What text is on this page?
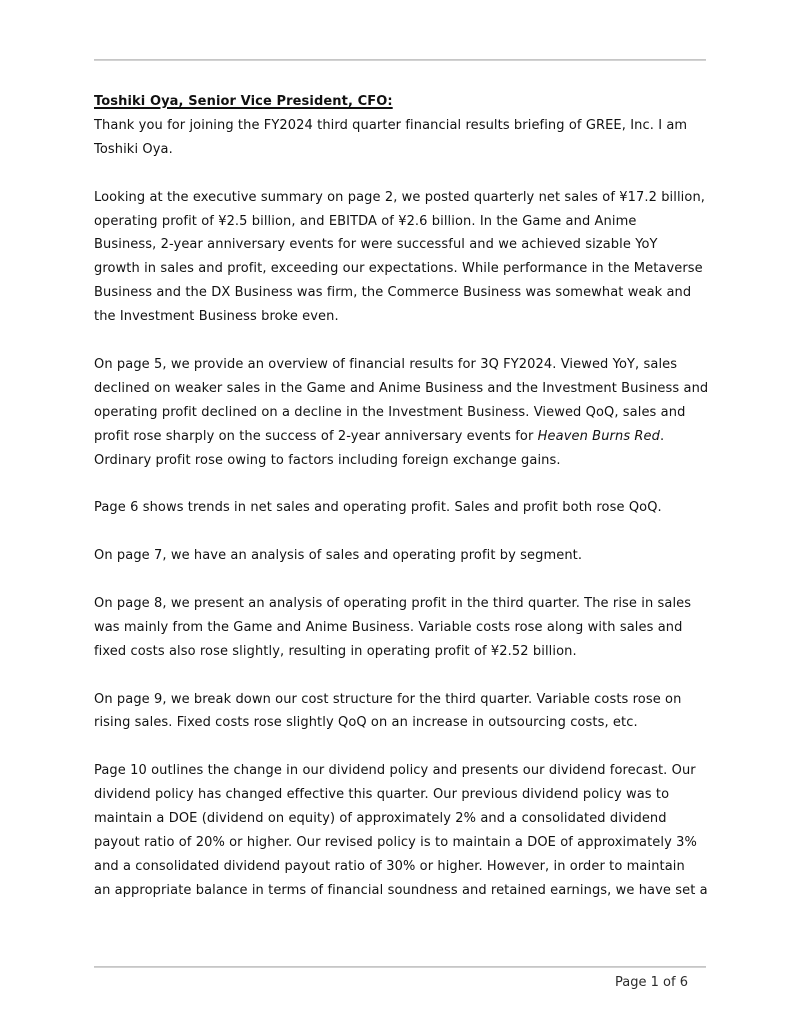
Toshiki Oya, Senior Vice President, CFO:
Thank you for joining the FY2024 third quarter financial results briefing of GREE, Inc. I am
Toshiki Oya.
Looking at the executive summary on page 2, we posted quarterly net sales of ¥17.2 billion,
operating profit of ¥2.5 billion, and EBITDA of ¥2.6 billion. In the Game and Anime
Business, 2-year anniversary events for were successful and we achieved sizable YoY
growth in sales and profit, exceeding our expectations. While performance in the Metaverse
Business and the DX Business was firm, the Commerce Business was somewhat weak and
the Investment Business broke even.
On page 5, we provide an overview of financial results for 3Q FY2024. Viewed YoY, sales
declined on weaker sales in the Game and Anime Business and the Investment Business and
operating profit declined on a decline in the Investment Business. Viewed QoQ, sales and
profit rose sharply on the success of 2-year anniversary events for Heaven Burns Red.
Ordinary profit rose owing to factors including foreign exchange gains.
Page 6 shows trends in net sales and operating profit. Sales and profit both rose QoQ.
On page 7, we have an analysis of sales and operating profit by segment.
On page 8, we present an analysis of operating profit in the third quarter. The rise in sales
was mainly from the Game and Anime Business. Variable costs rose along with sales and
fixed costs also rose slightly, resulting in operating profit of ¥2.52 billion.
On page 9, we break down our cost structure for the third quarter. Variable costs rose on
rising sales. Fixed costs rose slightly QoQ on an increase in outsourcing costs, etc.
Page 10 outlines the change in our dividend policy and presents our dividend forecast. Our
dividend policy has changed effective this quarter. Our previous dividend policy was to
maintain a DOE (dividend on equity) of approximately 2% and a consolidated dividend
payout ratio of 20% or higher. Our revised policy is to maintain a DOE of approximately 3%
and a consolidated dividend payout ratio of 30% or higher. However, in order to maintain
an appropriate balance in terms of financial soundness and retained earnings, we have set a
Page 1 of 6
